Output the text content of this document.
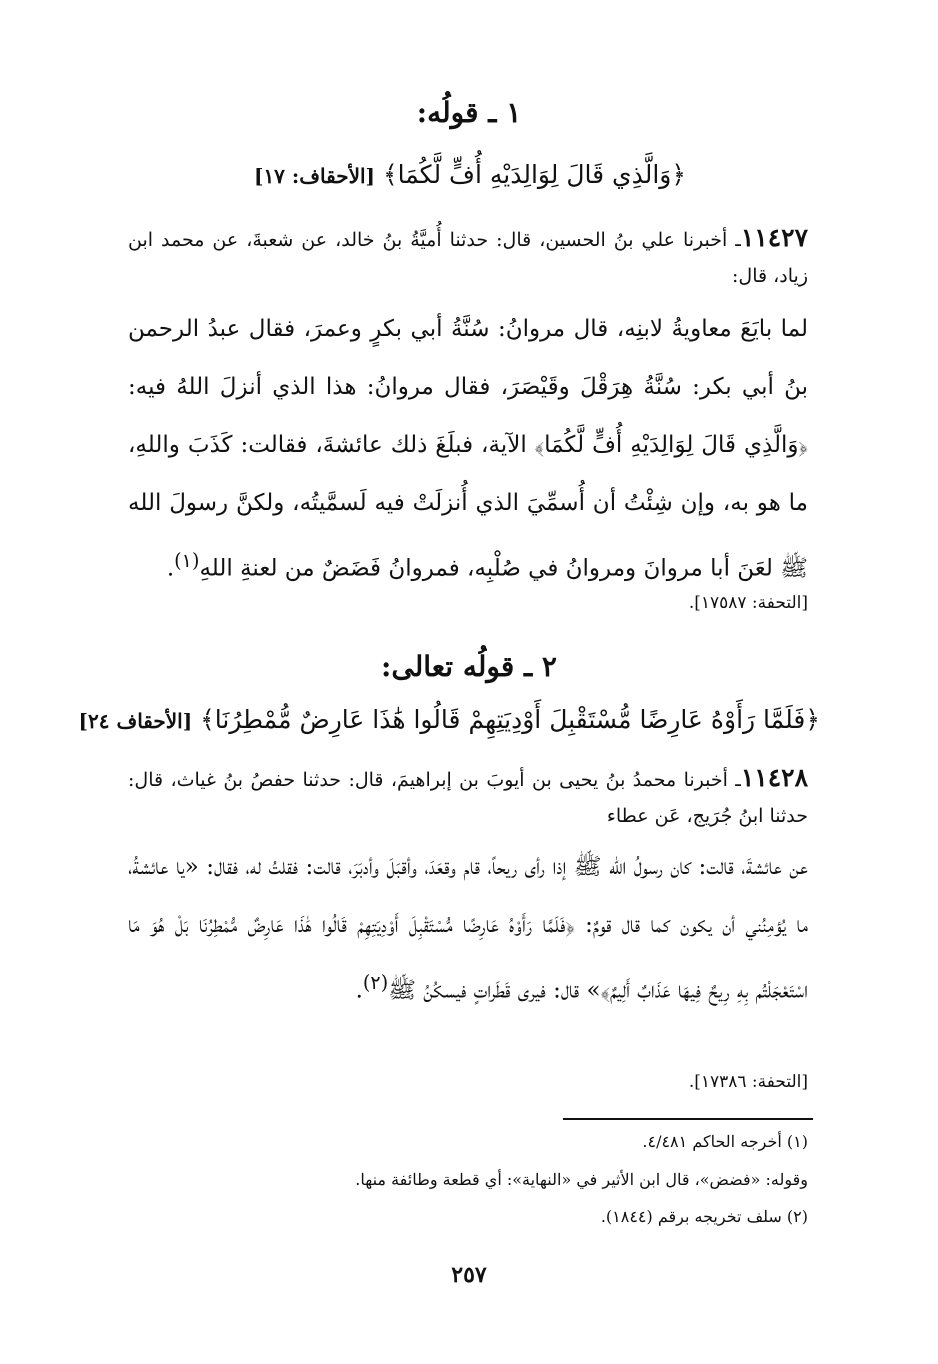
١ ـ قولُه:
﴿وَالَّذِي قَالَ لِوَالِدَيْهِ أُفٍّ لَّكُمَا﴾ [الأحقاف: ١٧]
١١٤٢٧ـ أخبرنا علي بنُ الحسين، قال: حدثنا أُميَّةُ بنُ خالد، عن شعبةَ، عن محمد ابن زياد، قال:
لما بايَعَ معاويةُ لابنِه، قال مروانُ: سُنَّةُ أبي بكرٍ وعمرَ، فقال عبدُ الرحمن بنُ أبي بكر: سُنَّةُ هِرَقْلَ وقَيْصَرَ، فقال مروانُ: هذا الذي أنزلَ اللهُ فيه: ﴿وَالَّذِي قَالَ لِوَالِدَيْهِ أُفٍّ لَّكُمَا﴾ الآية، فبلَغَ ذلك عائشةَ، فقالت: كَذَبَ واللهِ، ما هو به، وإن شِئْتُ أن أُسمِّيَ الذي أُنزلَتْ فيه لَسمَّيتُه، ولكنَّ رسولَ الله ﷺ لعَنَ أبا مروانَ ومروانُ في صُلْبِه، فمروانُ فَضَضٌ من لعنةِ اللهِ$^{(١)}$.
[التحفة: ١٧٥٨٧].
٢ ـ قولُه تعالى:
﴿فَلَمَّا رَأَوْهُ عَارِضًا مُّسْتَقْبِلَ أَوْدِيَتِهِمْ قَالُوا هَٰذَا عَارِضٌ مُّمْطِرُنَا﴾ [الأحقاف ٢٤]
١١٤٢٨ـ أخبرنا محمدُ بنُ يحيى بن أيوبَ بن إبراهيمَ، قال: حدثنا حفصُ بنُ غياث، قال: حدثنا ابنُ جُرَيج، عَن عطاء
عن عائشةَ، قالت: كان رسولُ الله ﷺ إذا رأى ريحاً، قام وقعَدَ، وأقبَلَ وأدبَرَ، قالت: فقلتُ له، فقال: «يا عائشةُ، ما يُؤمِنُني أن يكون كما قال قومٌ: ﴿فَلَمَّا رَأَوْهُ عَارِضًا مُّسْتَقْبِلَ أَوْدِيَتِهِمْ قَالُوا هَٰذَا عَارِضٌ مُّمْطِرُنَا بَلْ هُوَ مَا اسْتَعْجَلْتُم بِهِ رِيحٌ فِيهَا عَذَابٌ أَلِيمٌ﴾» قال: فيرى قَطَراتٍ فيسكُنُ ﷺ$^{(٢)}$.
[التحفة: ١٧٣٨٦].
(١) أخرجه الحاكم ٤/٤٨١.
وقوله: «فضض»، قال ابن الأثير في «النهاية»: أي قطعة وطائفة منها.
(٢) سلف تخريجه برقم (١٨٤٤).
٢٥٧
